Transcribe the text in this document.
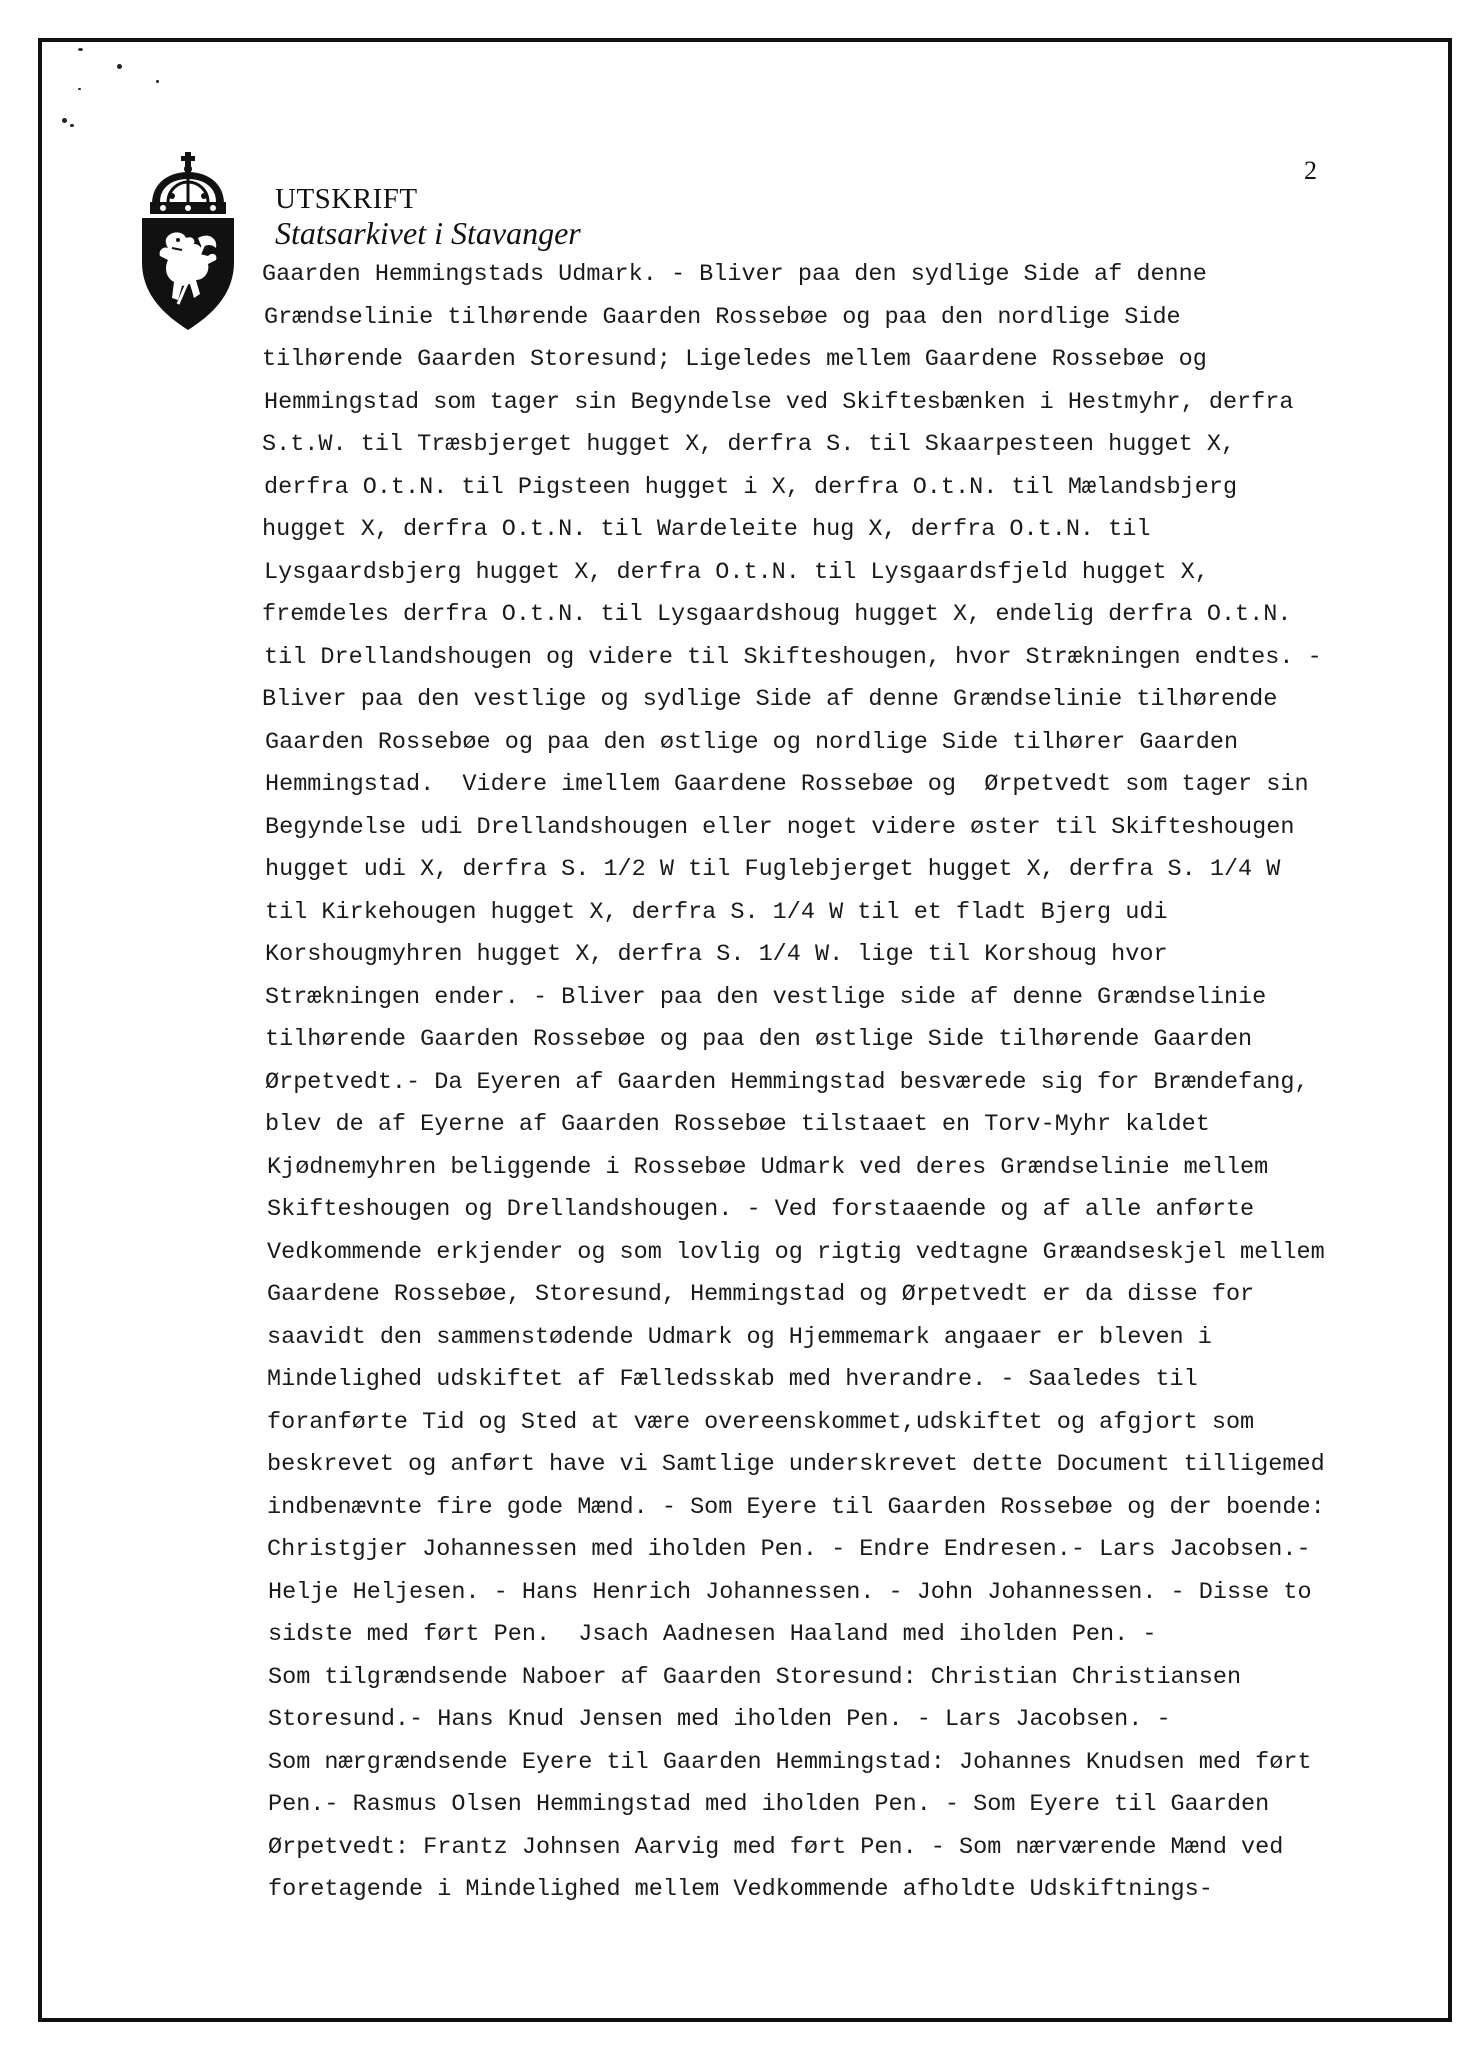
UTSKRIFT
Statsarkivet i Stavanger
2
Gaarden Hemmingstads Udmark. - Bliver paa den sydlige Side af denne
Grændselinie tilhørende Gaarden Rossebøe og paa den nordlige Side
tilhørende Gaarden Storesund; Ligeledes mellem Gaardene Rossebøe og
Hemmingstad som tager sin Begyndelse ved Skiftesbænken i Hestmyhr, derfra
S.t.W. til Træsbjerget hugget X, derfra S. til Skaarpesteen hugget X,
derfra O.t.N. til Pigsteen hugget i X, derfra O.t.N. til Mælandsbjerg
hugget X, derfra O.t.N. til Wardeleite hug X, derfra O.t.N. til
Lysgaardsbjerg hugget X, derfra O.t.N. til Lysgaardsfjeld hugget X,
fremdeles derfra O.t.N. til Lysgaardshoug hugget X, endelig derfra O.t.N.
til Drellandshougen og videre til Skifteshougen, hvor Strækningen endtes. -
Bliver paa den vestlige og sydlige Side af denne Grændselinie tilhørende
Gaarden Rossebøe og paa den østlige og nordlige Side tilhører Gaarden
Hemmingstad.  Videre imellem Gaardene Rossebøe og  Ørpetvedt som tager sin
Begyndelse udi Drellandshougen eller noget videre øster til Skifteshougen
hugget udi X, derfra S. 1/2 W til Fuglebjerget hugget X, derfra S. 1/4 W
til Kirkehougen hugget X, derfra S. 1/4 W til et fladt Bjerg udi
Korshougmyhren hugget X, derfra S. 1/4 W. lige til Korshoug hvor
Strækningen ender. - Bliver paa den vestlige side af denne Grændselinie
tilhørende Gaarden Rossebøe og paa den østlige Side tilhørende Gaarden
Ørpetvedt.- Da Eyeren af Gaarden Hemmingstad besværede sig for Brændefang,
blev de af Eyerne af Gaarden Rossebøe tilstaaet en Torv-Myhr kaldet
Kjødnemyhren beliggende i Rossebøe Udmark ved deres Grændselinie mellem
Skifteshougen og Drellandshougen. - Ved forstaaende og af alle anførte
Vedkommende erkjender og som lovlig og rigtig vedtagne Græandseskjel mellem
Gaardene Rossebøe, Storesund, Hemmingstad og Ørpetvedt er da disse for
saavidt den sammenstødende Udmark og Hjemmemark angaaer er bleven i
Mindelighed udskiftet af Fælledsskab med hverandre. - Saaledes til
foranførte Tid og Sted at være overeenskommet,udskiftet og afgjort som
beskrevet og anført have vi Samtlige underskrevet dette Document tilligemed
indbenævnte fire gode Mænd. - Som Eyere til Gaarden Rossebøe og der boende:
Christgjer Johannessen med iholden Pen. - Endre Endresen.- Lars Jacobsen.-
Helje Heljesen. - Hans Henrich Johannessen. - John Johannessen. - Disse to
sidste med ført Pen.  Jsach Aadnesen Haaland med iholden Pen. -
Som tilgrændsende Naboer af Gaarden Storesund: Christian Christiansen
Storesund.- Hans Knud Jensen med iholden Pen. - Lars Jacobsen. -
Som nærgrændsende Eyere til Gaarden Hemmingstad: Johannes Knudsen med ført
Pen.- Rasmus Olsen Hemmingstad med iholden Pen. - Som Eyere til Gaarden
Ørpetvedt: Frantz Johnsen Aarvig med ført Pen. - Som nærværende Mænd ved
foretagende i Mindelighed mellem Vedkommende afholdte Udskiftnings-
